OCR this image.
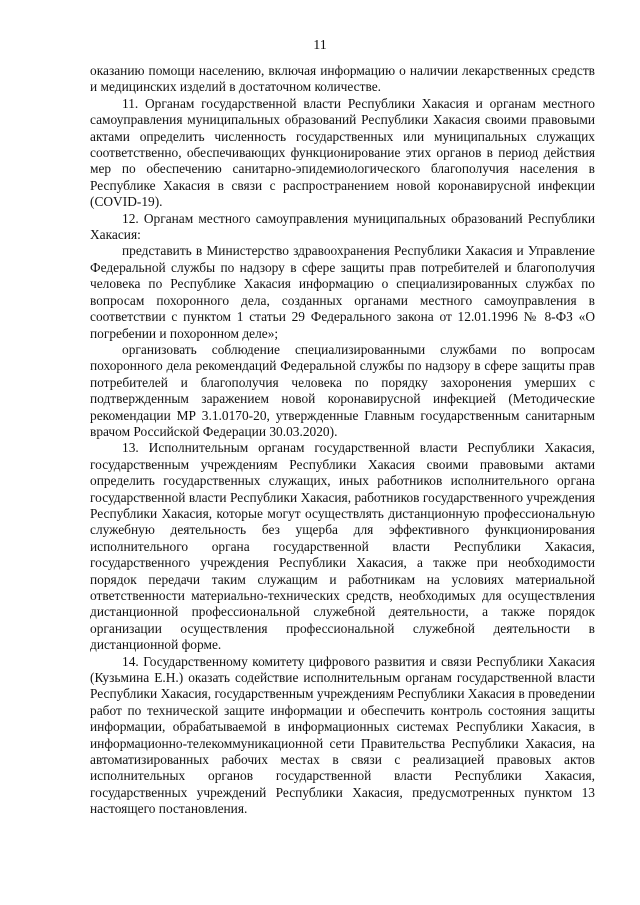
11

оказанию помощи населению, включая информацию о наличии лекарственных средств и медицинских изделий в достаточном количестве.

11. Органам государственной власти Республики Хакасия и органам местного самоуправления муниципальных образований Республики Хакасия своими правовыми актами определить численность государственных или муниципальных служащих соответственно, обеспечивающих функционирование этих органов в период действия мер по обеспечению санитарно-эпидемиологического благополучия населения в Республике Хакасия в связи с распространением новой коронавирусной инфекции (COVID-19).

12. Органам местного самоуправления муниципальных образований Республики Хакасия:

представить в Министерство здравоохранения Республики Хакасия и Управление Федеральной службы по надзору в сфере защиты прав потребителей и благополучия человека по Республике Хакасия информацию о специализированных службах по вопросам похоронного дела, созданных органами местного самоуправления в соответствии с пунктом 1 статьи 29 Федерального закона от 12.01.1996 № 8-ФЗ «О погребении и похоронном деле»;

организовать соблюдение специализированными службами по вопросам похоронного дела рекомендаций Федеральной службы по надзору в сфере защиты прав потребителей и благополучия человека по порядку захоронения умерших с подтвержденным заражением новой коронавирусной инфекцией (Методические рекомендации МР 3.1.0170-20, утвержденные Главным государственным санитарным врачом Российской Федерации 30.03.2020).

13. Исполнительным органам государственной власти Республики Хакасия, государственным учреждениям Республики Хакасия своими правовыми актами определить государственных служащих, иных работников исполнительного органа государственной власти Республики Хакасия, работников государственного учреждения Республики Хакасия, которые могут осуществлять дистанционную профессиональную служебную деятельность без ущерба для эффективного функционирования исполнительного органа государственной власти Республики Хакасия, государственного учреждения Республики Хакасия, а также при необходимости порядок передачи таким служащим и работникам на условиях материальной ответственности материально-технических средств, необходимых для осуществления дистанционной профессиональной служебной деятельности, а также порядок организации осуществления профессиональной служебной деятельности в дистанционной форме.

14. Государственному комитету цифрового развития и связи Республики Хакасия (Кузьмина Е.Н.) оказать содействие исполнительным органам государственной власти Республики Хакасия, государственным учреждениям Республики Хакасия в проведении работ по технической защите информации и обеспечить контроль состояния защиты информации, обрабатываемой в информационных системах Республики Хакасия, в информационно-телекоммуникационной сети Правительства Республики Хакасия, на автоматизированных рабочих местах в связи с реализацией правовых актов исполнительных органов государственной власти Республики Хакасия, государственных учреждений Республики Хакасия, предусмотренных пунктом 13 настоящего постановления.
